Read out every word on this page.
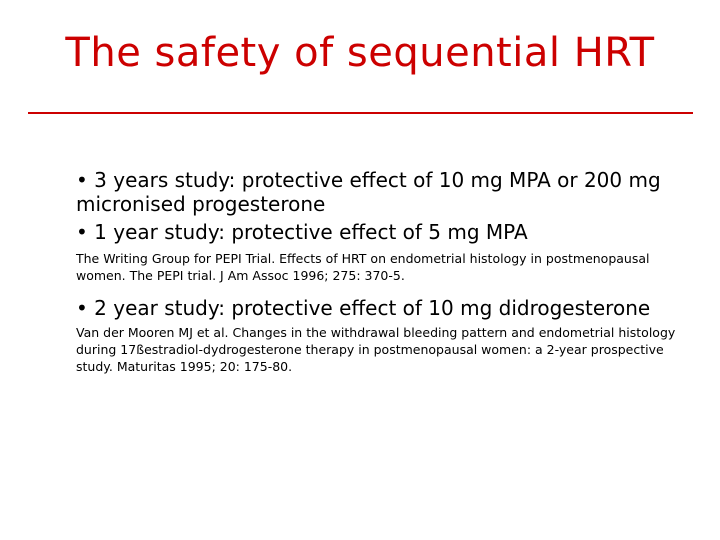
The safety of sequential HRT
• 3 years study: protective effect of 10 mg MPA or 200 mg micronised progesterone
• 1 year study: protective effect of 5 mg MPA
The Writing Group for PEPI Trial. Effects of HRT on endometrial histology in postmenopausal women. The PEPI trial. J Am Assoc 1996; 275: 370-5.
• 2 year study: protective effect of 10 mg didrogesterone
Van der Mooren MJ et al. Changes in the withdrawal bleeding pattern and endometrial histology during 17ßestradiol-dydrogesterone therapy in postmenopausal women: a 2-year prospective study. Maturitas 1995; 20: 175-80.
